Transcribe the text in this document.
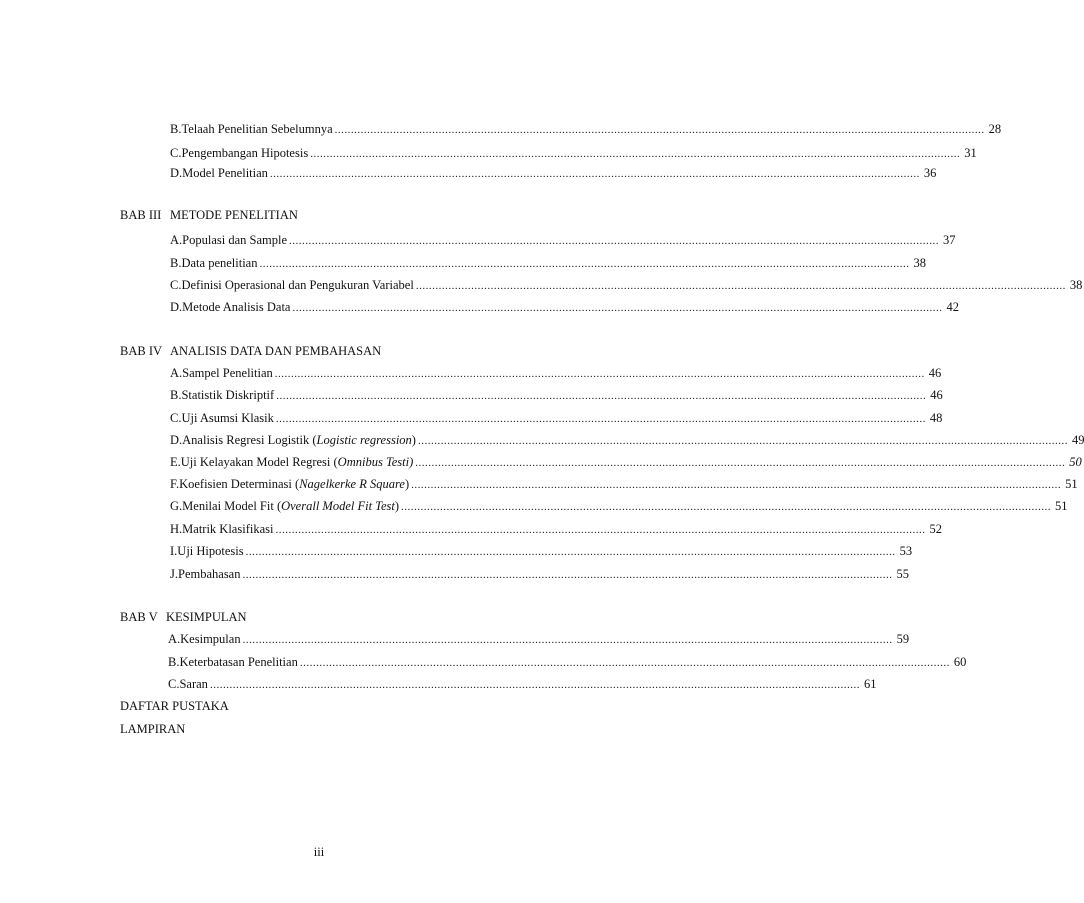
B. Telaah Penelitian Sebelumnya ........................................................................................................................................................................................................ 28
C. Pengembangan Hipotesis ........................................................................................................................................................................................................ 31
D. Model Penelitian ........................................................................................................................................................................................................ 36
BAB III METODE PENELITIAN
A. Populasi dan Sample ........................................................................................................................................................................................................ 37
B. Data penelitian ........................................................................................................................................................................................................ 38
C. Definisi Operasional dan Pengukuran Variabel ........................................................................................................................................................................................................ 38
D. Metode Analisis Data ........................................................................................................................................................................................................ 42
BAB IV ANALISIS DATA DAN PEMBAHASAN
A. Sampel Penelitian ........................................................................................................................................................................................................ 46
B. Statistik Diskriptif ........................................................................................................................................................................................................ 46
C. Uji Asumsi Klasik ........................................................................................................................................................................................................ 48
D. Analisis Regresi Logistik (Logistic regression) ........................................................................................................................................................................................................ 49
E. Uji Kelayakan Model Regresi (Omnibus Testi) ........................................................................................................................................................................................................ 50
F. Koefisien Determinasi (Nagelkerke R Square) ........................................................................................................................................................................................................ 51
G. Menilai Model Fit (Overall Model Fit Test) ........................................................................................................................................................................................................ 51
H. Matrik Klasifikasi ........................................................................................................................................................................................................ 52
I. Uji Hipotesis ........................................................................................................................................................................................................ 53
J. Pembahasan ........................................................................................................................................................................................................ 55
BAB V KESIMPULAN
A. Kesimpulan ........................................................................................................................................................................................................ 59
B. Keterbatasan Penelitian ........................................................................................................................................................................................................ 60
C. Saran ........................................................................................................................................................................................................ 61
DAFTAR PUSTAKA
LAMPIRAN
iii
